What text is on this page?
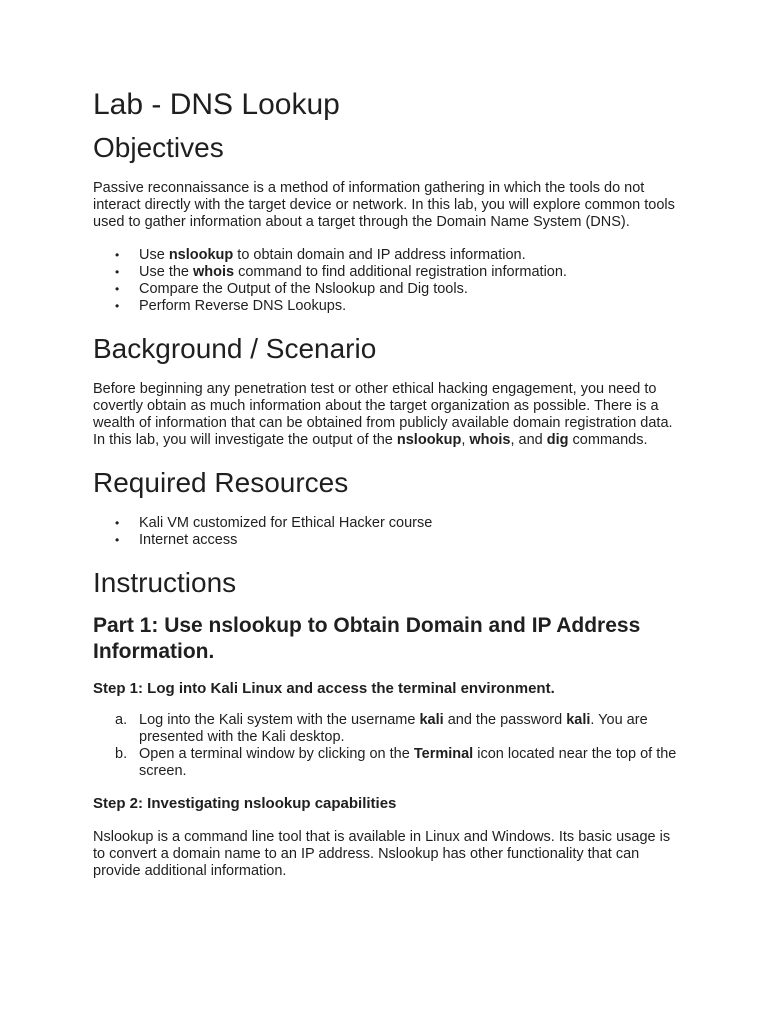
Lab - DNS Lookup
Objectives

Passive reconnaissance is a method of information gathering in which the tools do not interact directly with the target device or network. In this lab, you will explore common tools used to gather information about a target through the Domain Name System (DNS).

• Use nslookup to obtain domain and IP address information.
• Use the whois command to find additional registration information.
• Compare the Output of the Nslookup and Dig tools.
• Perform Reverse DNS Lookups.
Background / Scenario

Before beginning any penetration test or other ethical hacking engagement, you need to covertly obtain as much information about the target organization as possible. There is a wealth of information that can be obtained from publicly available domain registration data. In this lab, you will investigate the output of the nslookup, whois, and dig commands.

Required Resources
• Kali VM customized for Ethical Hacker course
• Internet access
Instructions
Part 1: Use nslookup to Obtain Domain and IP Address Information.
Step 1: Log into Kali Linux and access the terminal environment.
a. Log into the Kali system with the username kali and the password kali. You are presented with the Kali desktop.
b. Open a terminal window by clicking on the Terminal icon located near the top of the screen.
Step 2: Investigating nslookup capabilities

Nslookup is a command line tool that is available in Linux and Windows. Its basic usage is to convert a domain name to an IP address. Nslookup has other functionality that can provide additional information.
